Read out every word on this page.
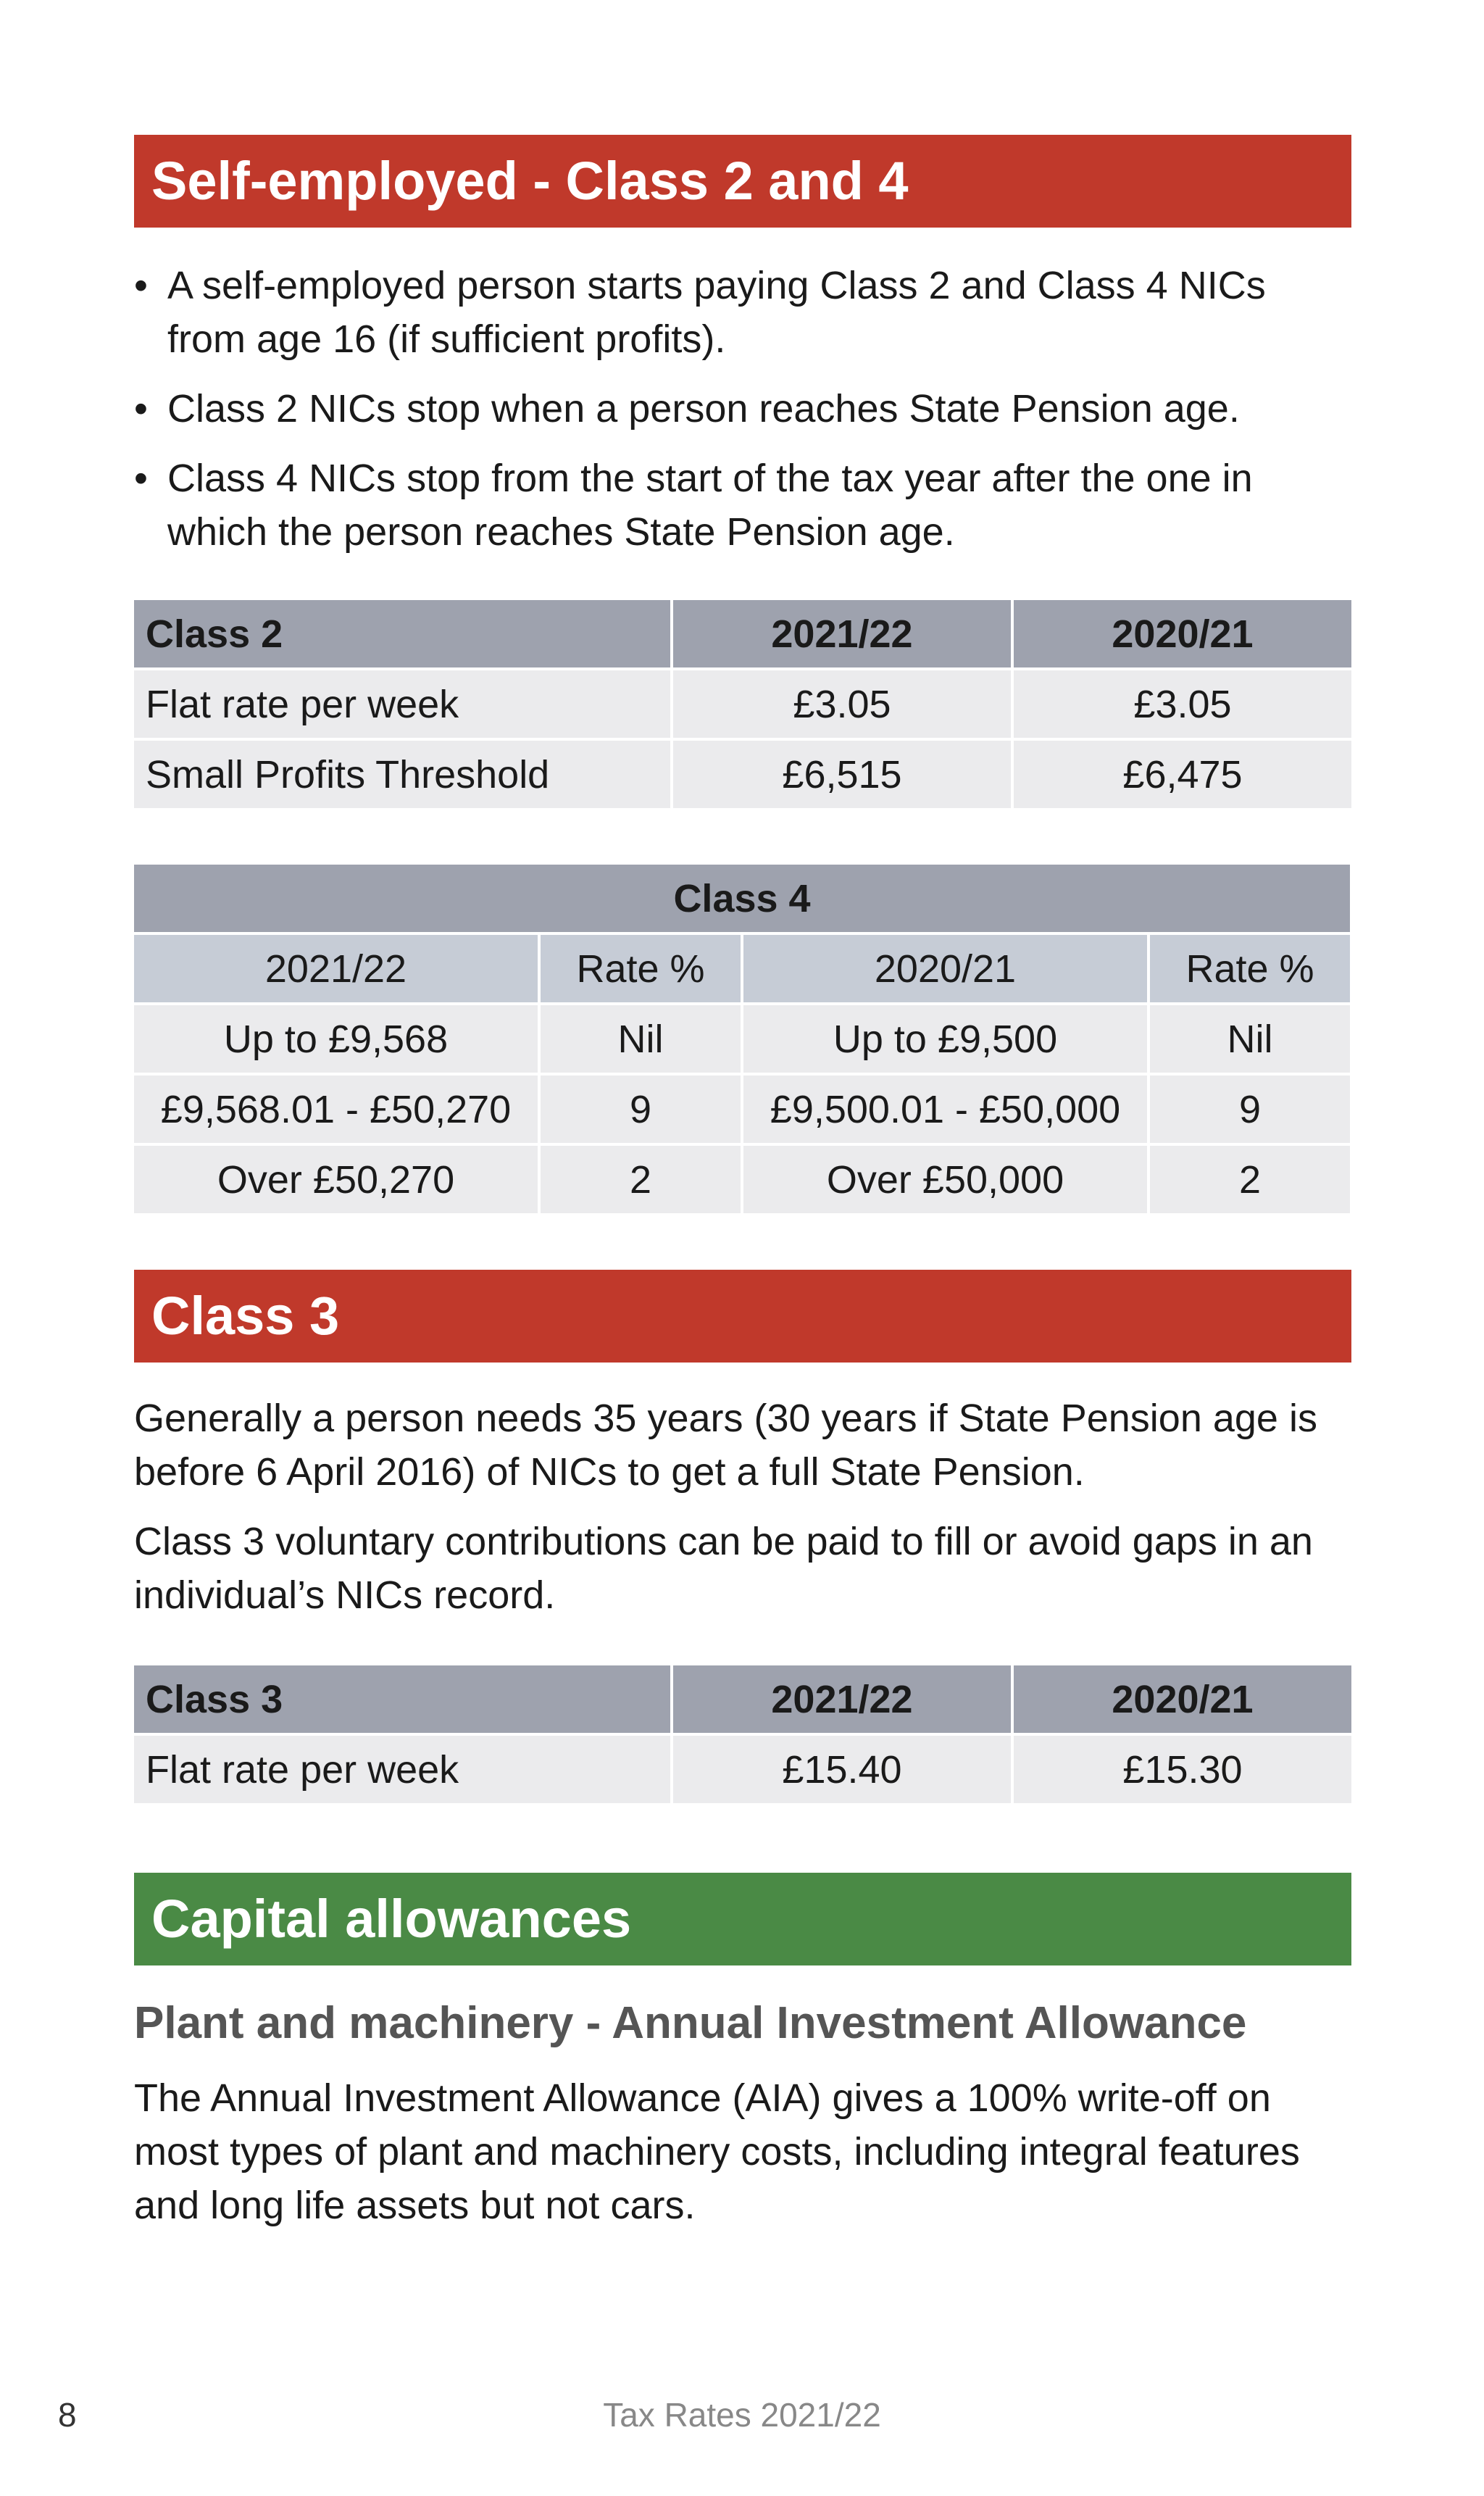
Self-employed - Class 2 and 4
• A self-employed person starts paying Class 2 and Class 4 NICs from age 16 (if sufficient profits).
• Class 2 NICs stop when a person reaches State Pension age.
• Class 4 NICs stop from the start of the tax year after the one in which the person reaches State Pension age.
Class 2	2021/22	2020/21
Flat rate per week	£3.05	£3.05
Small Profits Threshold	£6,515	£6,475
Class 4			
2021/22	Rate %	2020/21	Rate %
Up to £9,568	Nil	Up to £9,500	Nil
£9,568.01 - £50,270	9	£9,500.01 - £50,000	9
Over £50,270	2	Over £50,000	2
Class 3

Generally a person needs 35 years (30 years if State Pension age is before 6 April 2016) of NICs to get a full State Pension.

Class 3 voluntary contributions can be paid to fill or avoid gaps in an individual’s NICs record.

Class 3	2021/22	2020/21
Flat rate per week	£15.40	£15.30
Capital allowances
Plant and machinery - Annual Investment Allowance

The Annual Investment Allowance (AIA) gives a 100% write-off on most types of plant and machinery costs, including integral features and long life assets but not cars.

8	Tax Rates 2021/22
